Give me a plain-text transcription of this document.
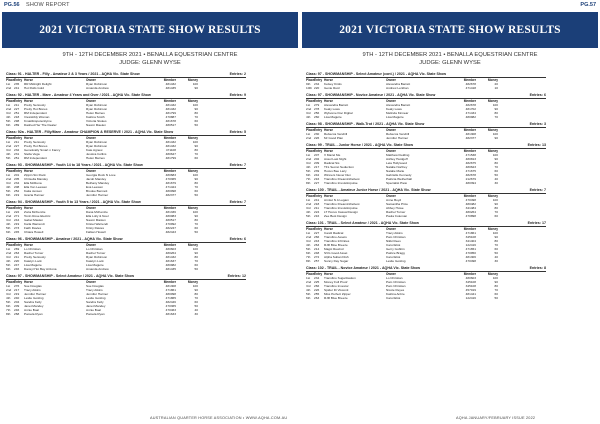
PG.56 SHOW REPORT	PG.57
2021 VICTORIA STATE SHOW RESULTS
9TH - 12TH DECEMBER 2021 • BENALLA EQUESTRIAN CENTRE
JUDGE: GLENN WYSE
Class: 91 - HALTER - Filly - Amateur 2 & 3 Years / 2021 - AQHA Vic. State Show	Entries: 2
Place Entry Horse	Owner	Member	Money
1st	235	RR Midnight Delight	Ryan Robinson	481432	100
2nd 241	Hot Rolls Gold	Amanda Andrew	481435	90
Class: 92 - HALTER - Mare - Amateur 4 Years and Over / 2021 - AQHA Vic. State Show	Entries: 9
Place Entry Horse	Owner	Member	Money
1st	211	Pretty Seriously	Ryan Robinson	481432	100
2nd 227	Pretty Hot Bones	Ryan Robinson	481432	90
3rd	251	RM Independent	Helen Barnes	481799	80
4th	218	Irresistibly Woman	Katrina Smith	470887	70
5th	298	Kmaitlinspotentlyme	Victoria Stokes	481678	60
6th	289	Dashed Her The Dealer	Naomi Maelen	480517	50
Class: 92a - HALTER - Filly/Mare - Amateur CHAMPION & RESERVE / 2021 - AQHA Vic. State Show	Entries: 5
Place Entry Horse	Owner	Member	Money
1st	211	Pretty Seriously	Ryan Robinson	481432	100
2nd 227	Pretty Hot Bones	Ryan Robinson	481432	90
3rd	232	Genetically Smart n Fancy	Kate Agnew	471108	80
4th	231	Stella Vega	Jessica Collins	480647	70
5th	251	RM Independent	Helen Barnes	481799	60
Class: 93 - SHOWMANSHIP - Youth 14 to 18 Years / 2021 - AQHA Vic. State Show	Entries: 7
Place Entry Horse	Owner	Member	Money
1st	201	Zippin Sin Rock	Georgia Rock N Love	480683	100
2nd 205	Chrisella Mandey	Jacob Mandey	470365	90
3rd	234	Ella McRena	Bethany Mandey	481679	80
4th	208	Ella Von Leewen	Eva Leewen	471424	70
5th	252	Katia Jensen	Brooke Bennett	480098	60
6th	219	Grazia Harmer	Jennifer Harmer	482377	50
Class: 94 - SHOWMANSHIP - Youth 5 to 13 Years / 2021 - AQHA Vic. State Show	Entries: 7
Place Entry Horse	Owner	Member	Money
1st	222	Zoria McKenzie	Dana McKenzie	481336	100
2nd 271	Tonin Rose Electric	Ella Lolly & Noel	480083	90
3rd	244	Isabel Maslen	Naomi Maslen	480517	80
4th	219	Karla Warrendi	Kristel Warrendi	470992	70
5th	273	Faith Davies	Kristy Davies	482247	60
6th	245	Chiara Howell	Fabian Howell	482443	50
Class: 96 - SHOWMANSHIP - Amateur / 2021 - AQHA Vic. State Show	Entries: 6
Place Entry Horse	Owner	Member	Money
1st	269	Lo Christian	Lo Christian	480603	100
2nd 263	Rachel Turner	Rachel Turner	480264	90
3rd	211	Pretty Seriously	Ryan Robinson	481432	80
4th	220	Katelyn Lock	Katelyn Lock	481637	70
5th	247	Lisa Maguire	Lisa Maguire	480982	60
6th	246	Dansyl Hot Bay Arizona	Amanda Andrew	481435	50
Class: 97 - SHOWMANSHIP - Select Amateur / 2021 - AQHA Vic. State Show	Entries: 12
Place Entry Horse	Owner	Member	Money
1st	276	Sue Douglas	Sue Douglas	481308	100
2nd 217	Tracy Atkins	Tracy Atkins	471861	90
3rd	219	Jennifer Harmer	Jennifer Harmer	480098	80
4th	240	Leslie Gosling	Leslie Gosling	471865	70
5th	204	Sandra Kelly	Sandra Kelly	482446	60
6th	209	Janet Mandey	Janet Mandey	470365	50
7th	246	Annie Boal	Annie Boal	470463	40
8th	268	Pamela Ryan	Pamela Ryan	481633	30
2021 VICTORIA STATE SHOW RESULTS
9TH - 12TH DECEMBER 2021 • BENALLA EQUESTRIAN CENTRE
JUDGE: GLENN WYSE
Class: 97 - SHOWMANSHIP - Select Amateur (cont.) / 2021 - AQHA Vic. State Show
Place Entry Horse	Owner	Member	Money
9th	234	Kelsey Kintis	Alexandra Barrett	482678	20
10th 220	Genie Reid	Andrew Lenthan	471418	10
Class: 97 - SHOWMANSHIP - Novice Amateur / 2021 - AQHA Vic. State Show	Entries: 6
Place Entry Horse	Owner	Member	Money
1st	279	Alexandra Barrett	Alexandra Barrett	482678	100
2nd 278	Kealy Lowe	Kealy Lowe	481702	90
3rd	256	Wylsome Doc Digital	Melinda Kinnear	471434	80
4th	260	Lisa Maguire	Lisa Maguire	480982	70
Class: 98 - SHOWMANSHIP - Walk-Trot / 2021 - AQHA Vic. State Show	Entries: 3
Place Entry Horse	Owner	Member	Money
1st	230	Rebecca Vendrill	Rebecca Vendrill	481308	100
2nd 226	Mr Good Plan	Jennifer Harmer	482377	90
Class: 99 - TRAIL - Junior Horse / 2021 - AQHA Vic. State Show	Entries: 13
Place Entry Horse	Owner	Member	Money
1st	207	V Mazel Me	Matthew Fielding	471538	100
2nd 202	Assol Last Night	Ashley Heidgoff	480813	90
3rd	209	Radical Sis	Leia Hollywood	482675	80
4th	217	TFL Secret Seduction	Natalie Northey	480623	70
5th	239	Hocus Bee Lazy	Natalie Marie	471675	60
6th	242	Winners Never Dun	Gabrielle Kennedy	482678	50
7th	216	Transfino Dreaminthebest	Patricia Wetherhall	212679	40
8th	227	Transfino Irresistimpulse	Specialist Pieto	480394	30
Class: 100 - TRAIL - Amateur Junior Horse / 2021 - AQHA Vic. State Show	Entries: 7
Place Entry Horse	Owner	Member	Money
1st	241	Armlet N A Legam	Anne Boyd	470498	100
2nd 218	Transfino Dreaminthebest	Samantha Price	480482	90
3rd	211	Transfino Irresistimpulse	Abbey Howe	341484	80
4th	224	LT Hocus Casual Design	Rachel Turner	480264	70
5th	216	Zee Best Design	Paula Coleman	470898	60
Class: 101 - TRAIL - Select Amateur / 2021 - AQHA Vic. State Show	Entries: 17
Place Entry Horse	Owner	Member	Money
1st	227	Candi Radical	Tracy Atkins	471861	100
2nd 266	Transfino Assets	Pam Christian	345108	90
3rd	243	Transfino Infirnites	Nikki Rees	341404	80
4th	263	RJR Bloe Breeze	Carol Eliot	122416	70
5th	214	Magic Rewind	Gerry Gobbin	471651	60
6th	248	SVG Good Asset	Patrice Bragg	470950	50
7th	272	Alpha Sultan Dish	Carol Eliot	481306	40
8th	257	Sunny Day Sugar	Leslie Gosling	470498	30
Class: 102 - TRAIL - Novice Amateur / 2021 - AQHA Vic. State Show	Entries: 8
Place Entry Horse	Owner	Member	Money
1st	234	Transfino Sugaritsation	Lo Christian	480603	100
2nd 225	Money Full Proof	Pam Christian	345108	90
3rd	266	Transfino Investor	Pam Christian	345108	80
4th	226	Spider Di Visconti	Nicole Reyes	457019	70
5th	255	Miss Perfect Zipper	Katrina Anbre	481441	60
6th	263	RJR Blue Breeze	Carol Eliot	122416	50
AUSTRALIAN QUARTER HORSE ASSOCIATION • WWW.AQHA.COM.AU	AQHA JANUARY/FEBRUARY ISSUE 2022
